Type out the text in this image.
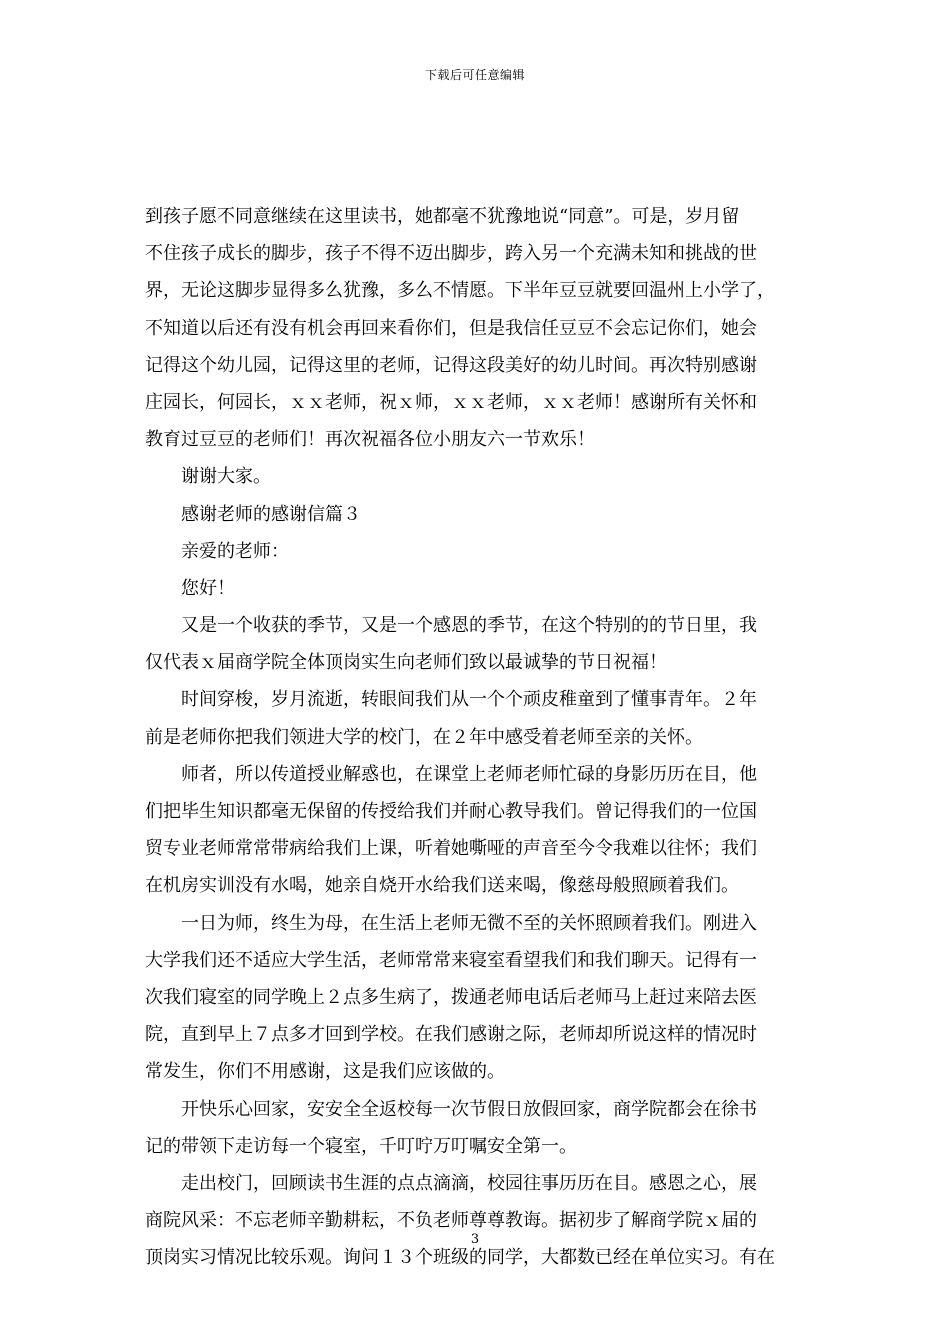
下载后可任意编辑
到孩子愿不同意继续在这里读书，她都毫不犹豫地说“同意”。可是，岁月留
不住孩子成长的脚步，孩子不得不迈出脚步，跨入另一个充满未知和挑战的世
界，无论这脚步显得多么犹豫，多么不情愿。下半年豆豆就要回温州上小学了，
不知道以后还有没有机会再回来看你们，但是我信任豆豆不会忘记你们，她会
记得这个幼儿园，记得这里的老师，记得这段美好的幼儿时间。再次特别感谢
庄园长，何园长，ｘｘ老师，祝ｘ师，ｘｘ老师，ｘｘ老师！感谢所有关怀和
教育过豆豆的老师们！再次祝福各位小朋友六一节欢乐！
谢谢大家。
感谢老师的感谢信篇３
亲爱的老师：
您好！
又是一个收获的季节，又是一个感恩的季节，在这个特别的的节日里，我
仅代表ｘ届商学院全体顶岗实生向老师们致以最诚挚的节日祝福！
时间穿梭，岁月流逝，转眼间我们从一个个顽皮稚童到了懂事青年。２年
前是老师你把我们领进大学的校门，在２年中感受着老师至亲的关怀。
师者，所以传道授业解惑也，在课堂上老师老师忙碌的身影历历在目，他
们把毕生知识都毫无保留的传授给我们并耐心教导我们。曾记得我们的一位国
贸专业老师常常带病给我们上课，听着她嘶哑的声音至今令我难以往怀；我们
在机房实训没有水喝，她亲自烧开水给我们送来喝，像慈母般照顾着我们。
一日为师，终生为母，在生活上老师无微不至的关怀照顾着我们。刚进入
大学我们还不适应大学生活，老师常常来寝室看望我们和我们聊天。记得有一
次我们寝室的同学晚上２点多生病了，拨通老师电话后老师马上赶过来陪去医
院，直到早上７点多才回到学校。在我们感谢之际，老师却所说这样的情况时
常发生，你们不用感谢，这是我们应该做的。
开快乐心回家，安安全全返校每一次节假日放假回家，商学院都会在徐书
记的带领下走访每一个寝室，千叮咛万叮嘱安全第一。
走出校门，回顾读书生涯的点点滴滴，校园往事历历在目。感恩之心，展
商院风采：不忘老师辛勤耕耘，不负老师尊尊教诲。据初步了解商学院ｘ届的
顶岗实习情况比较乐观。询问１３个班级的同学，大都数已经在单位实习。有在
3
